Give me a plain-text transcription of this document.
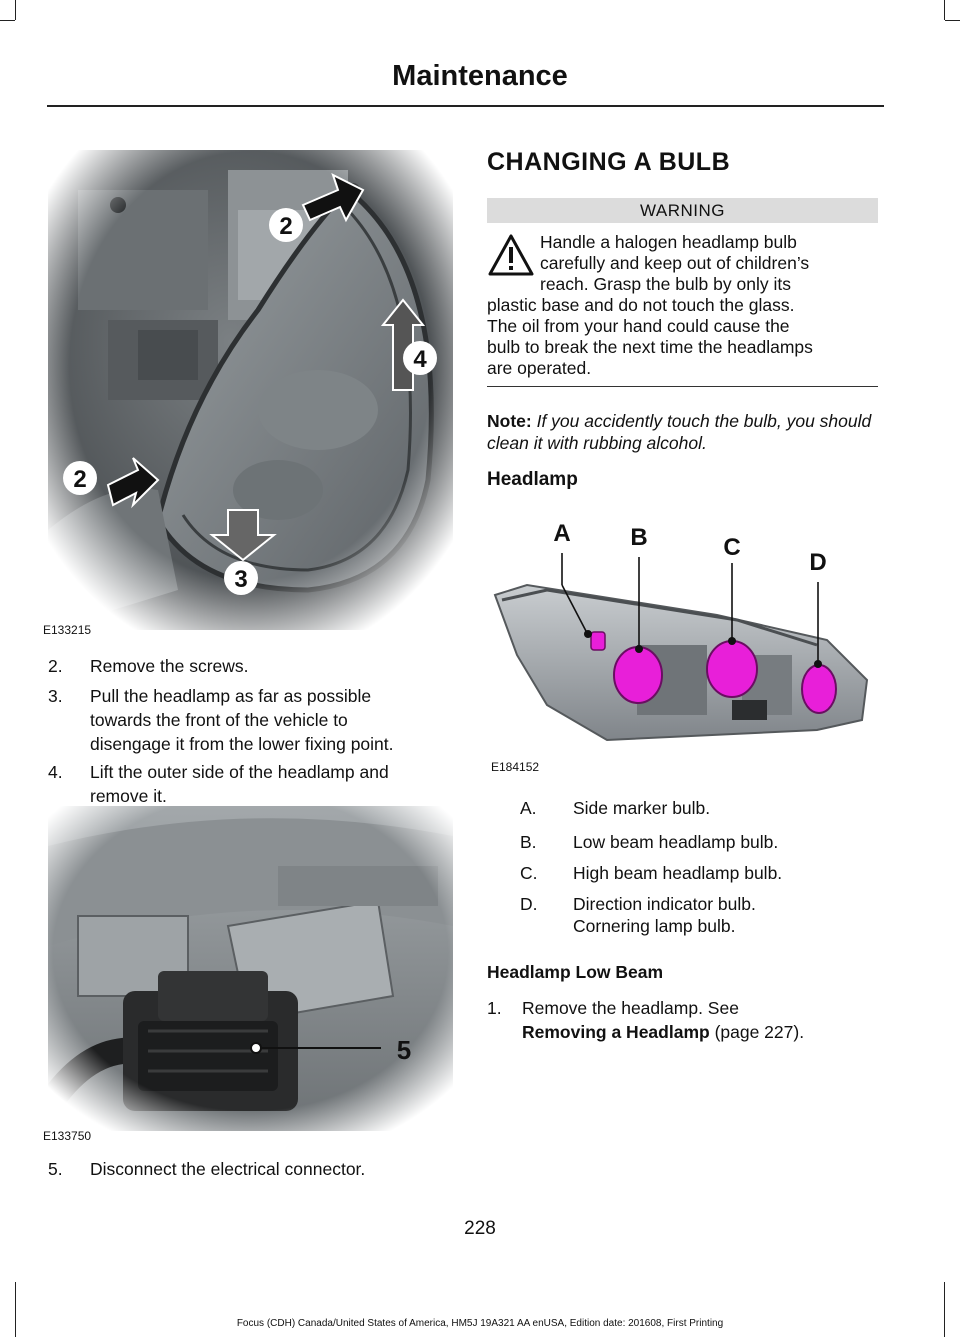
Maintenance
2
4
2
3
E133215
2. Remove the screws.
3. Pull the headlamp as far as possible
towards the front of the vehicle to
disengage it from the lower fixing point.
4. Lift the outer side of the headlamp and
remove it.
5
E133750
5. Disconnect the electrical connector.
CHANGING A BULB
WARNING
Handle a halogen headlamp bulb
carefully and keep out of children’s
reach. Grasp the bulb by only its
plastic base and do not touch the glass.
The oil from your hand could cause the
bulb to break the next time the headlamps
are operated.
Note: If you accidently touch the bulb, you should clean it with rubbing alcohol.
Headlamp
A B	C
D
E184152
A. Side marker bulb.
B. Low beam headlamp bulb.
C. High beam headlamp bulb.
D. Direction indicator bulb.
Cornering lamp bulb.
Headlamp Low Beam
1. Remove the headlamp. See
Removing a Headlamp (page 227).
228
Focus (CDH) Canada/United States of America, HM5J 19A321 AA enUSA, Edition date: 201608, First Printing
